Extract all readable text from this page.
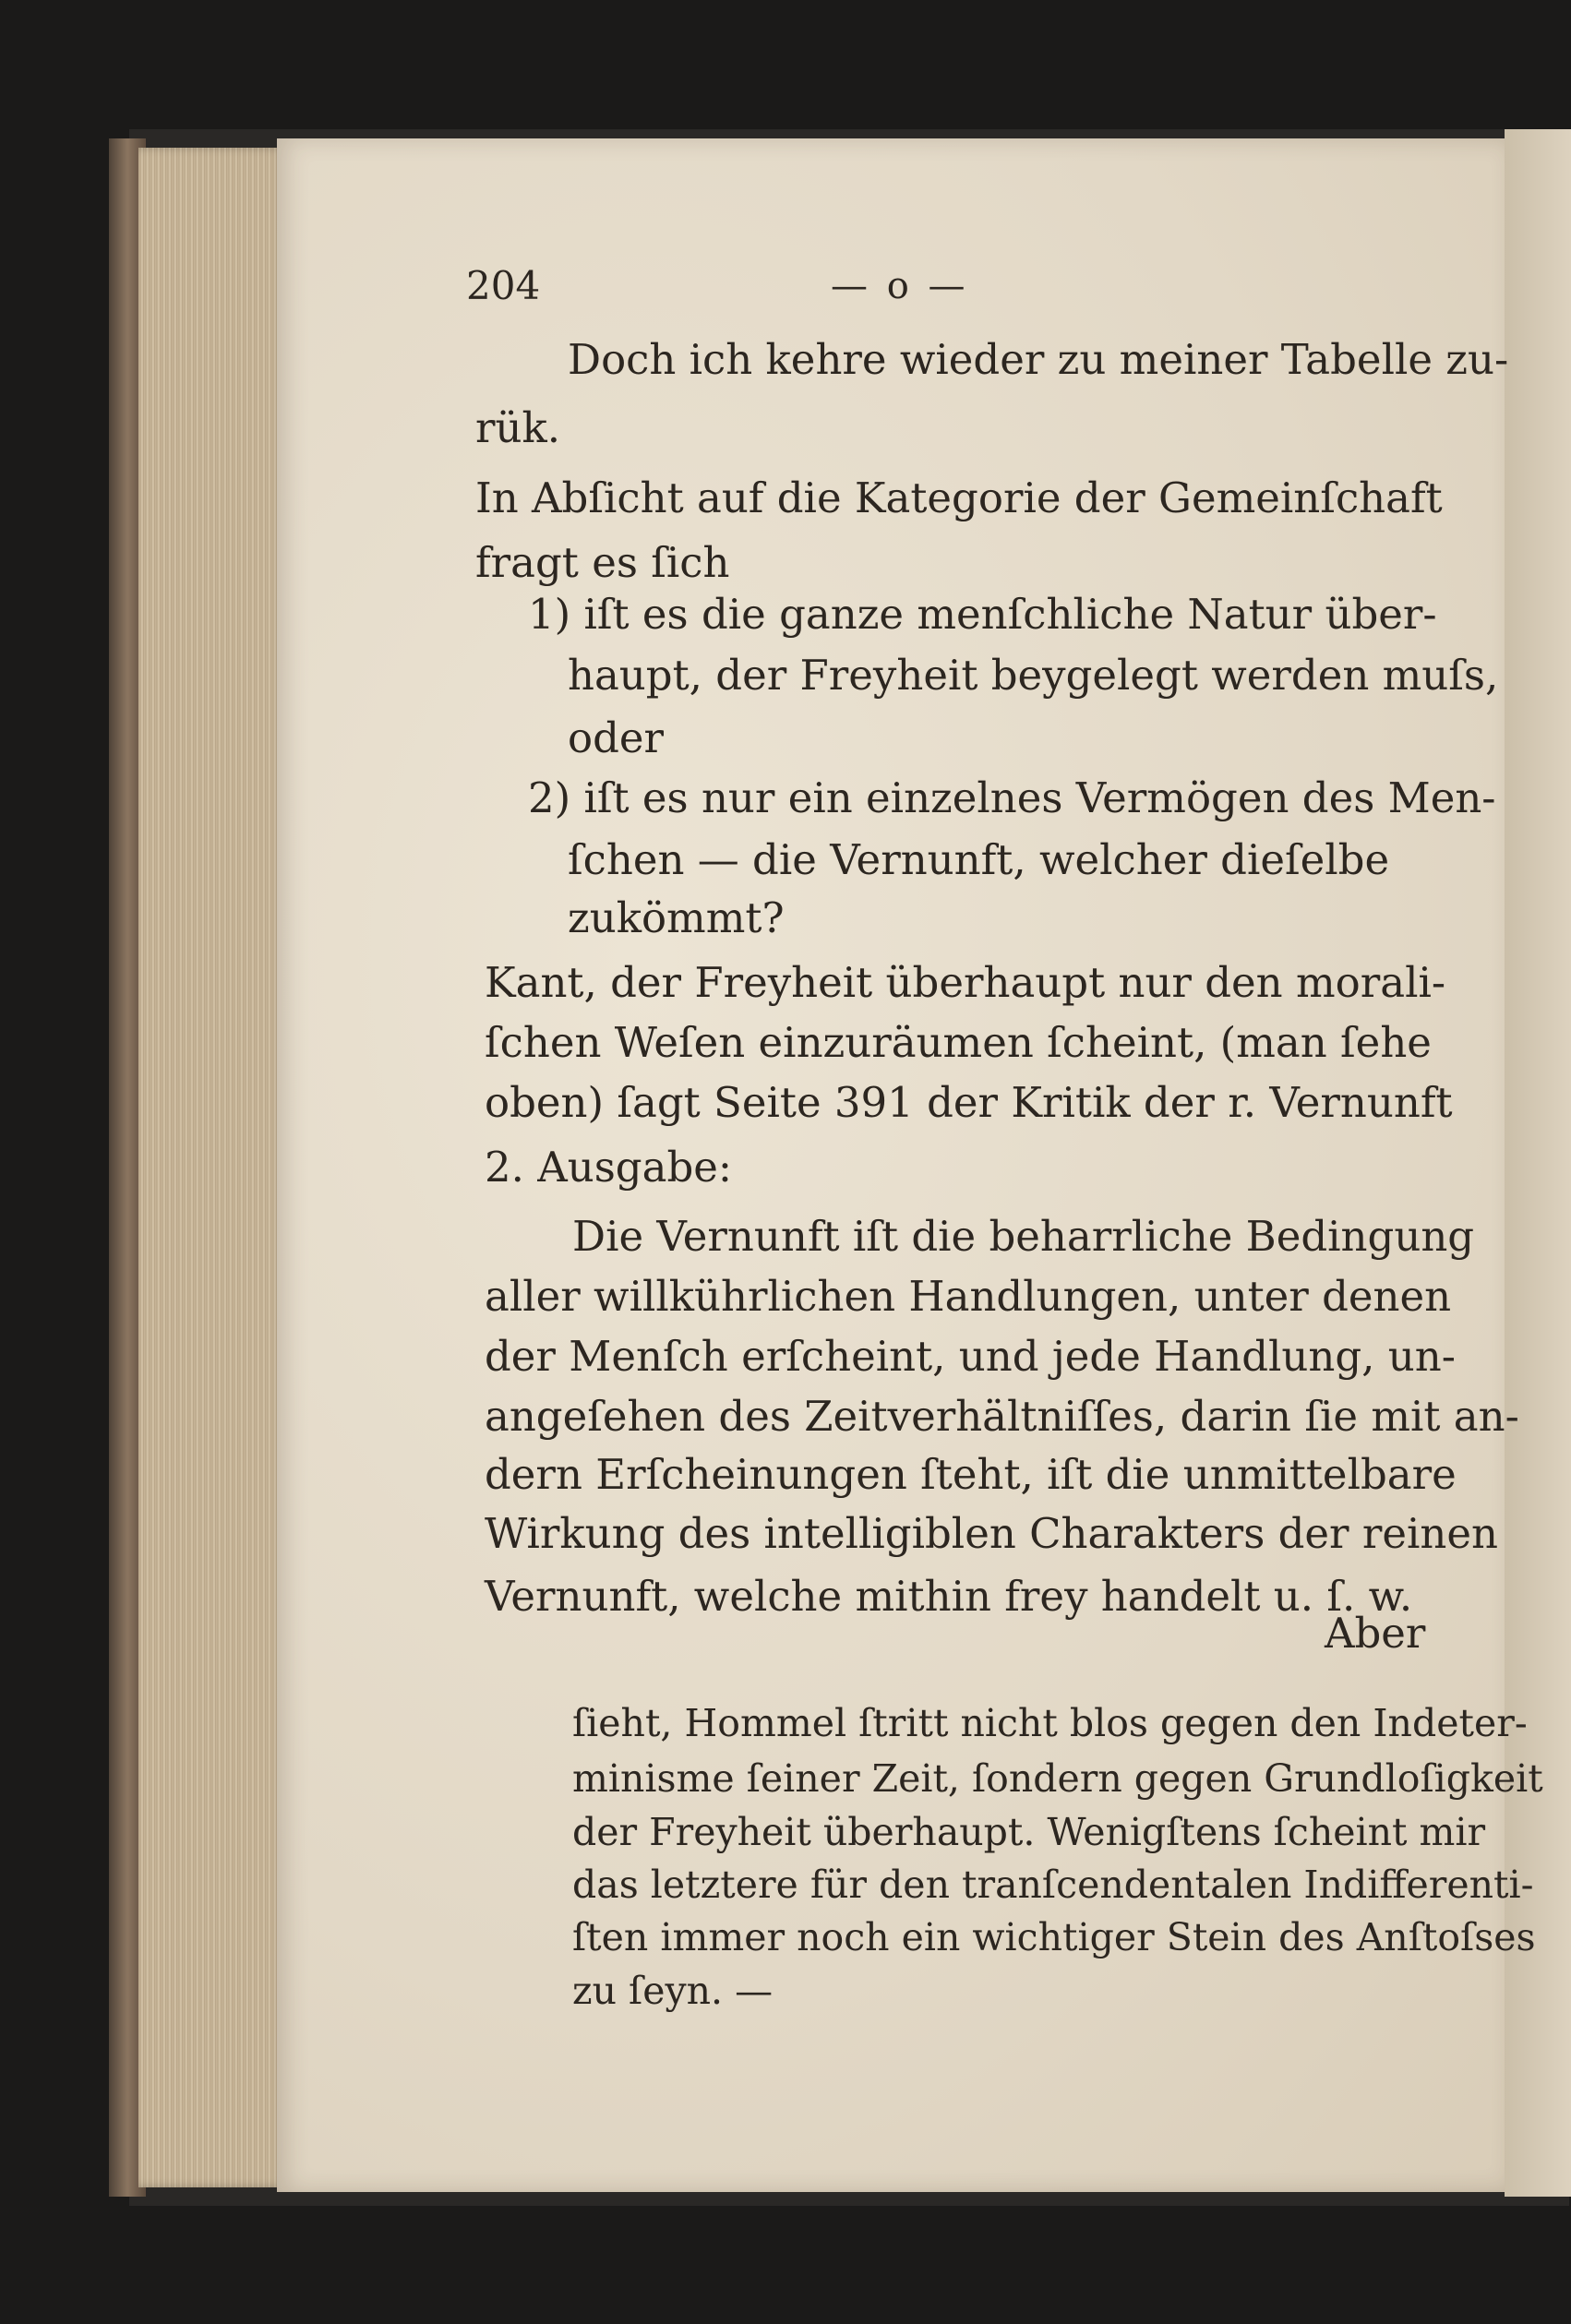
204	— o —
Doch ich kehre wieder zu meiner Tabelle zu-
rük.
In Abſicht auf die Kategorie der Gemeinſchaft
fragt es ſich
1) iſt es die ganze menſchliche Natur über-
haupt, der Freyheit beygelegt werden muſs,
oder
2) iſt es nur ein einzelnes Vermögen des Men-
ſchen — die Vernunft, welcher dieſelbe
zukömmt?
Kant, der Freyheit überhaupt nur den morali-
ſchen Weſen einzuräumen ſcheint, (man ſehe
oben) ſagt Seite 391 der Kritik der r. Vernunft
2. Ausgabe:
Die Vernunft iſt die beharrliche Bedingung
aller willkührlichen Handlungen, unter denen
der Menſch erſcheint, und jede Handlung, un-
angeſehen des Zeitverhältniſſes, darin ſie mit an-
dern Erſcheinungen ſteht, iſt die unmittelbare
Wirkung des intelligiblen Charakters der reinen
Vernunft, welche mithin frey handelt u. ſ. w.
Aber
ſieht, Hommel ſtritt nicht blos gegen den Indeter-
minisme ſeiner Zeit, ſondern gegen Grundloſigkeit
der Freyheit überhaupt. Wenigſtens ſcheint mir
das letztere für den tranſcendentalen Indifferenti-
ſten immer noch ein wichtiger Stein des Anſtoſses
zu ſeyn. —
